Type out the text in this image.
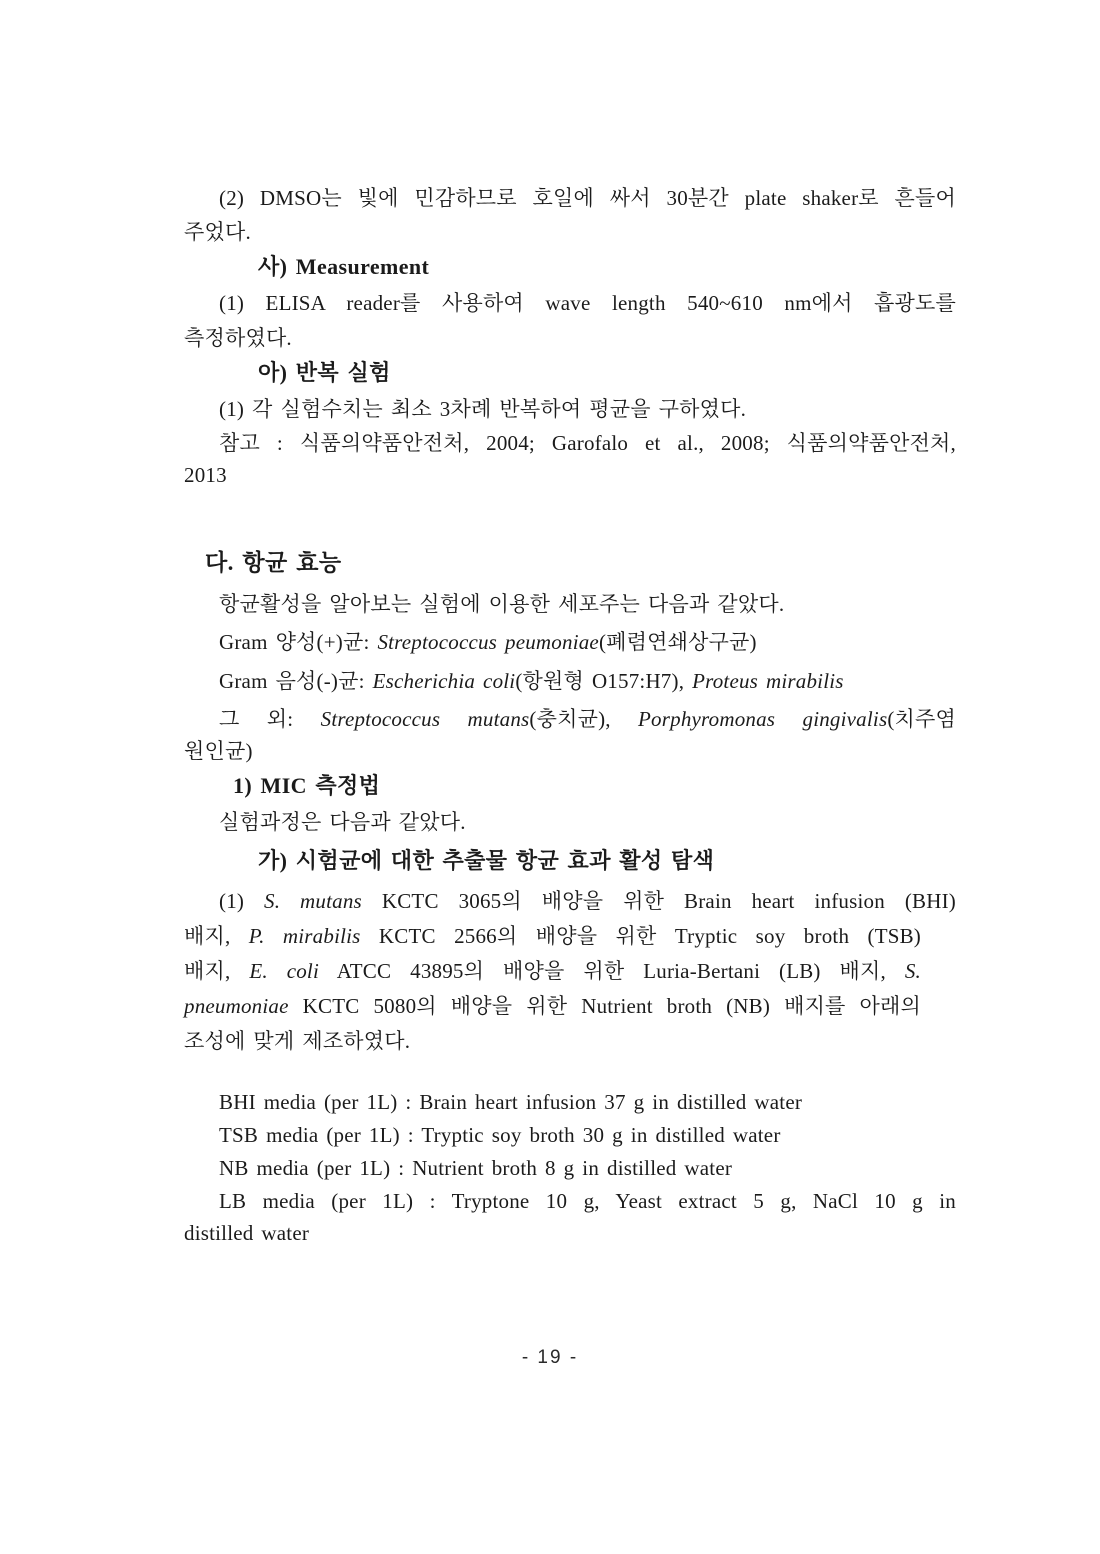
(2) DMSO는 빛에 민감하므로 호일에 싸서 30분간 plate shaker로 흔들어
주었다.
사) Measurement
(1) ELISA reader를 사용하여 wave length 540~610 nm에서 흡광도를
측정하였다.
아) 반복 실험
(1) 각 실험수치는 최소 3차례 반복하여 평균을 구하였다.
참고 : 식품의약품안전처, 2004; Garofalo et al., 2008; 식품의약품안전처,
2013
다. 항균 효능
항균활성을 알아보는 실험에 이용한 세포주는 다음과 같았다.
Gram 양성(+)균: Streptococcus peumoniae(폐렴연쇄상구균)
Gram 음성(-)균: Escherichia coli(항원형 O157:H7), Proteus mirabilis
그 외: Streptococcus mutans(충치균), Porphyromonas gingivalis(치주염
원인균)
1) MIC 측정법
실험과정은 다음과 같았다.
가) 시험균에 대한 추출물 항균 효과 활성 탐색
(1) S. mutans KCTC 3065의 배양을 위한 Brain heart infusion (BHI)
배지, P. mirabilis KCTC 2566의 배양을 위한 Tryptic soy broth (TSB)
배지, E. coli ATCC 43895의 배양을 위한 Luria-Bertani (LB) 배지, S.
pneumoniae KCTC 5080의 배양을 위한 Nutrient broth (NB) 배지를 아래의
조성에 맞게 제조하였다.
BHI media (per 1L) : Brain heart infusion 37 g in distilled water
TSB media (per 1L) : Tryptic soy broth 30 g in distilled water
NB media (per 1L) : Nutrient broth 8 g in distilled water
LB media (per 1L) : Tryptone 10 g, Yeast extract 5 g, NaCl 10 g in
distilled water
- 19 -
